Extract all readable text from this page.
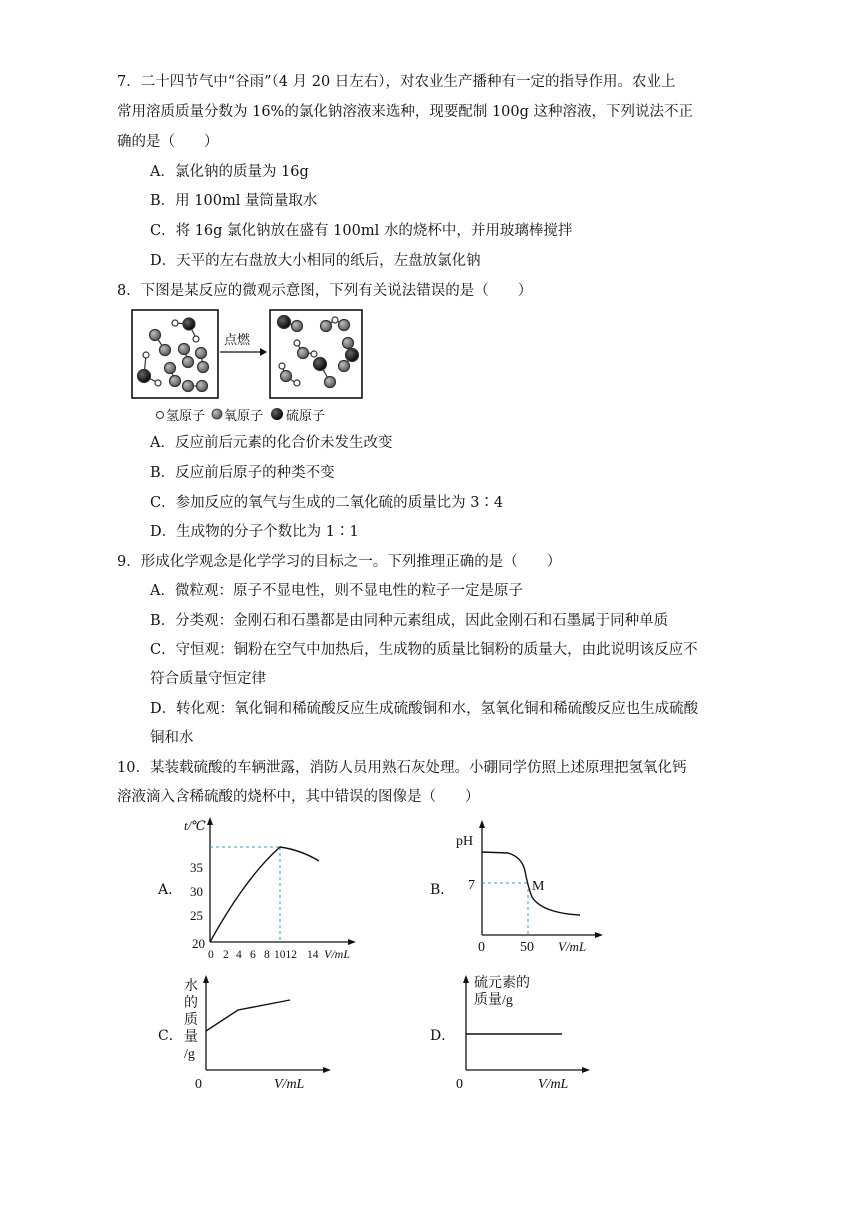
7．二十四节气中“谷雨”（4 月 20 日左右），对农业生产播种有一定的指导作用。农业上
常用溶质质量分数为 16%的氯化钠溶液来选种，现要配制 100g 这种溶液，下列说法不正
确的是（　　）
A．氯化钠的质量为 16g
B．用 100ml 量筒量取水
C．将 16g 氯化钠放在盛有 100ml 水的烧杯中，并用玻璃棒搅拌
D．天平的左右盘放大小相同的纸后，左盘放氯化钠
8．下图是某反应的微观示意图，下列有关说法错误的是（　　）
点燃
氢原子 氧原子 硫原子
A．反应前后元素的化合价未发生改变
B．反应前后原子的种类不变
C．参加反应的氧气与生成的二氧化硫的质量比为 3∶4
D．生成物的分子个数比为 1∶1
9．形成化学观念是化学学习的目标之一。下列推理正确的是（　　）
A．微粒观：原子不显电性，则不显电性的粒子一定是原子
B．分类观：金刚石和石墨都是由同种元素组成，因此金刚石和石墨属于同种单质
C．守恒观：铜粉在空气中加热后，生成物的质量比铜粉的质量大，由此说明该反应不
符合质量守恒定律
D．转化观：氧化铜和稀硫酸反应生成硫酸铜和水，氢氧化铜和稀硫酸反应也生成硫酸
铜和水
10．某装载硫酸的车辆泄露，消防人员用熟石灰处理。小硼同学仿照上述原理把氢氧化钙
溶液滴入含稀硫酸的烧杯中，其中错误的图像是（　　）
A．
t/℃
35
30
25
20
0 2 4 6 8 1012 14 V/mL
B．
pH
7	M
0	50 V/mL
C．
水
的
质
量
/g
0	V/mL
D．
硫元素的
质量/g
0	V/mL
